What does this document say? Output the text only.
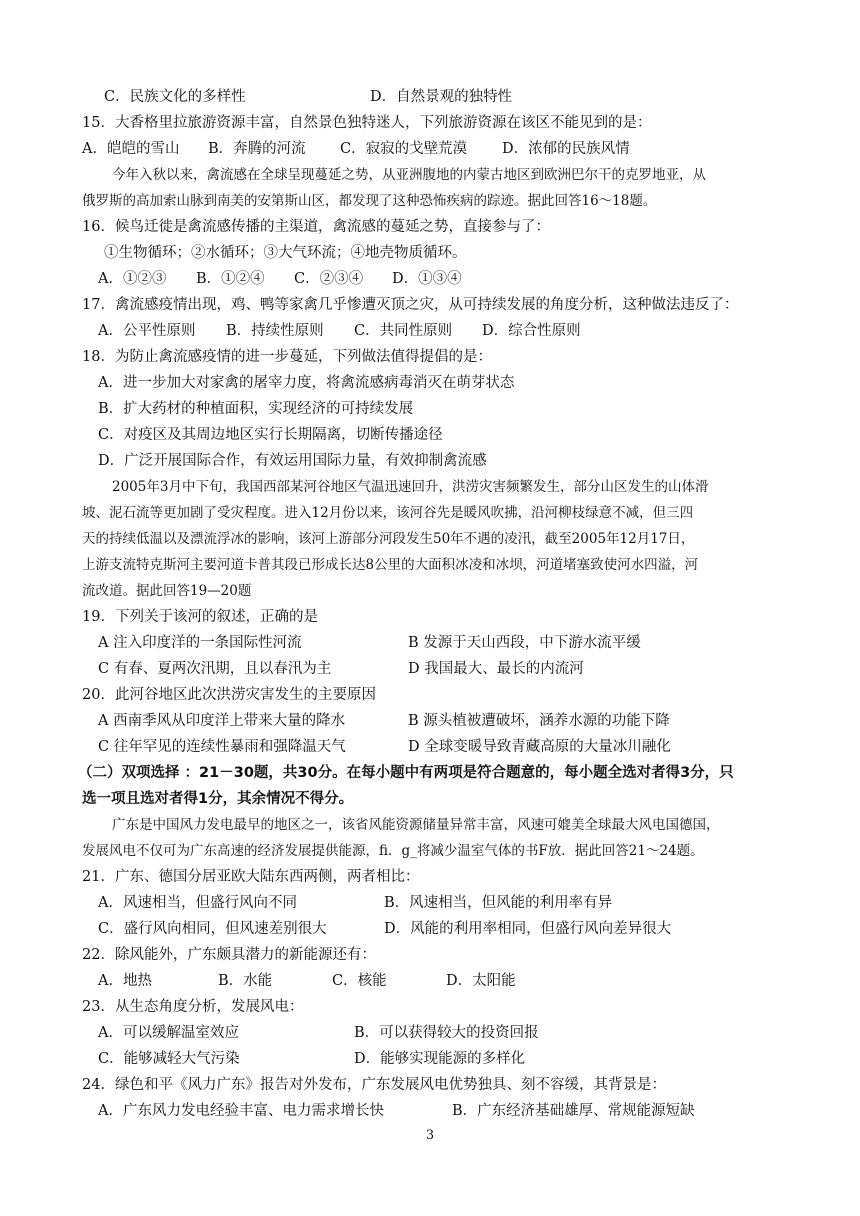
C．民族文化的多样性	D．自然景观的独特性
15．大香格里拉旅游资源丰富，自然景色独特迷人，下列旅游资源在该区不能见到的是：
A．皑皑的雪山 B．奔腾的河流 C．寂寂的戈壁荒漠 D．浓郁的民族风情
今年入秋以来，禽流感在全球呈现蔓延之势，从亚洲腹地的内蒙古地区到欧洲巴尔干的克罗地亚，从
俄罗斯的高加索山脉到南美的安第斯山区，都发现了这种恐怖疾病的踪迹。据此回答16～18题。
16．候鸟迁徙是禽流感传播的主渠道，禽流感的蔓延之势，直接参与了：
①生物循环；②水循环；③大气环流；④地壳物质循环。
A．①②③ B．①②④ C．②③④ D．①③④
17．禽流感疫情出现，鸡、鸭等家禽几乎惨遭灭顶之灾，从可持续发展的角度分析，这种做法违反了：
A．公平性原则 B．持续性原则 C．共同性原则 D．综合性原则
18．为防止禽流感疫情的进一步蔓延，下列做法值得提倡的是：
A．进一步加大对家禽的屠宰力度，将禽流感病毒消灭在萌芽状态
B．扩大药材的种植面积，实现经济的可持续发展
C．对疫区及其周边地区实行长期隔离，切断传播途径
D．广泛开展国际合作，有效运用国际力量，有效抑制禽流感
2005年3月中下旬，我国西部某河谷地区气温迅速回升，洪涝灾害频繁发生，部分山区发生的山体滑
坡、泥石流等更加剧了受灾程度。进入12月份以来，该河谷先是暖风吹拂，沿河柳枝绿意不减，但三四
天的持续低温以及漂流浮冰的影响，该河上游部分河段发生50年不遇的凌汛，截至2005年12月17日，
上游支流特克斯河主要河道卡普其段已形成长达8公里的大面积冰凌和冰坝，河道堵塞致使河水四溢，河
流改道。据此回答19—20题
19．下列关于该河的叙述，正确的是
A 注入印度洋的一条国际性河流	B 发源于天山西段，中下游水流平缓
C 有春、夏两次汛期，且以春汛为主	D 我国最大、最长的内流河
20．此河谷地区此次洪涝灾害发生的主要原因
A 西南季风从印度洋上带来大量的降水	B 源头植被遭破坏，涵养水源的功能下降
C 往年罕见的连续性暴雨和强降温天气	D 全球变暖导致青藏高原的大量冰川融化
（二）双项选择 ：21－30题，共30分。在每小题中有两项是符合题意的，每小题全选对者得3分，只
选一项且选对者得1分，其余情况不得分。
广东是中国风力发电最早的地区之一，该省风能资源储量异常丰富，风速可媲美全球最大风电国德国，
发展风电不仅可为广东高速的经济发展提供能源，fi．g_将减少温室气体的书F放．据此回答21～24题。
21．广东、德国分居亚欧大陆东西两侧，两者相比：
A．风速相当，但盛行风向不同	B．风速相当，但风能的利用率有异
C．盛行风向相同，但风速差别很大	D．风能的利用率相同，但盛行风向差异很大
22．除风能外，广东颇具潜力的新能源还有：
A．地热	B．水能	C．核能	D．太阳能
23．从生态角度分析，发展风电：
A．可以缓解温室效应	B．可以获得较大的投资回报
C．能够减轻大气污染	D．能够实现能源的多样化
24．绿色和平《风力广东》报告对外发布，广东发展风电优势独具、刻不容缓，其背景是：
A．广东风力发电经验丰富、电力需求增长快	B．广东经济基础雄厚、常规能源短缺
3
